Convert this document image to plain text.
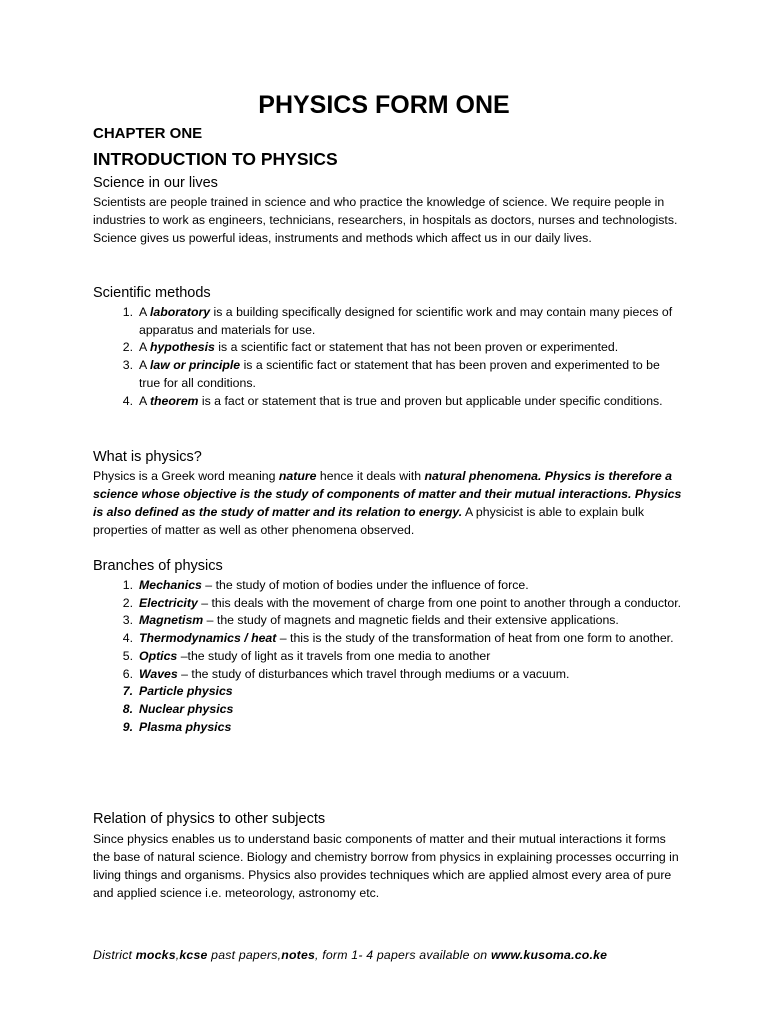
PHYSICS FORM ONE
CHAPTER ONE
INTRODUCTION TO PHYSICS
Science in our lives
Scientists are people trained in science and who practice the knowledge of science. We require people in industries to work as engineers, technicians, researchers, in hospitals as doctors, nurses and technologists. Science gives us powerful ideas, instruments and methods which affect us in our daily lives.
Scientific methods
1. A laboratory is a building specifically designed for scientific work and may contain many pieces of apparatus and materials for use.
2. A hypothesis is a scientific fact or statement that has not been proven or experimented.
3. A law or principle is a scientific fact or statement that has been proven and experimented to be true for all conditions.
4. A theorem is a fact or statement that is true and proven but applicable under specific conditions.
What is physics?
Physics is a Greek word meaning nature hence it deals with natural phenomena. Physics is therefore a science whose objective is the study of components of matter and their mutual interactions. Physics is also defined as the study of matter and its relation to energy. A physicist is able to explain bulk properties of matter as well as other phenomena observed.
Branches of physics
1. Mechanics – the study of motion of bodies under the influence of force.
2. Electricity – this deals with the movement of charge from one point to another through a conductor.
3. Magnetism – the study of magnets and magnetic fields and their extensive applications.
4. Thermodynamics / heat – this is the study of the transformation of heat from one form to another.
5. Optics –the study of light as it travels from one media to another
6. Waves – the study of disturbances which travel through mediums or a vacuum.
7. Particle physics
8. Nuclear physics
9. Plasma physics
Relation of physics to other subjects
Since physics enables us to understand basic components of matter and their mutual interactions it forms the base of natural science. Biology and chemistry borrow from physics in explaining processes occurring in living things and organisms. Physics also provides techniques which are applied almost every area of pure and applied science i.e. meteorology, astronomy etc.
District mocks,kcse past papers,notes, form 1- 4 papers available on www.kusoma.co.ke
